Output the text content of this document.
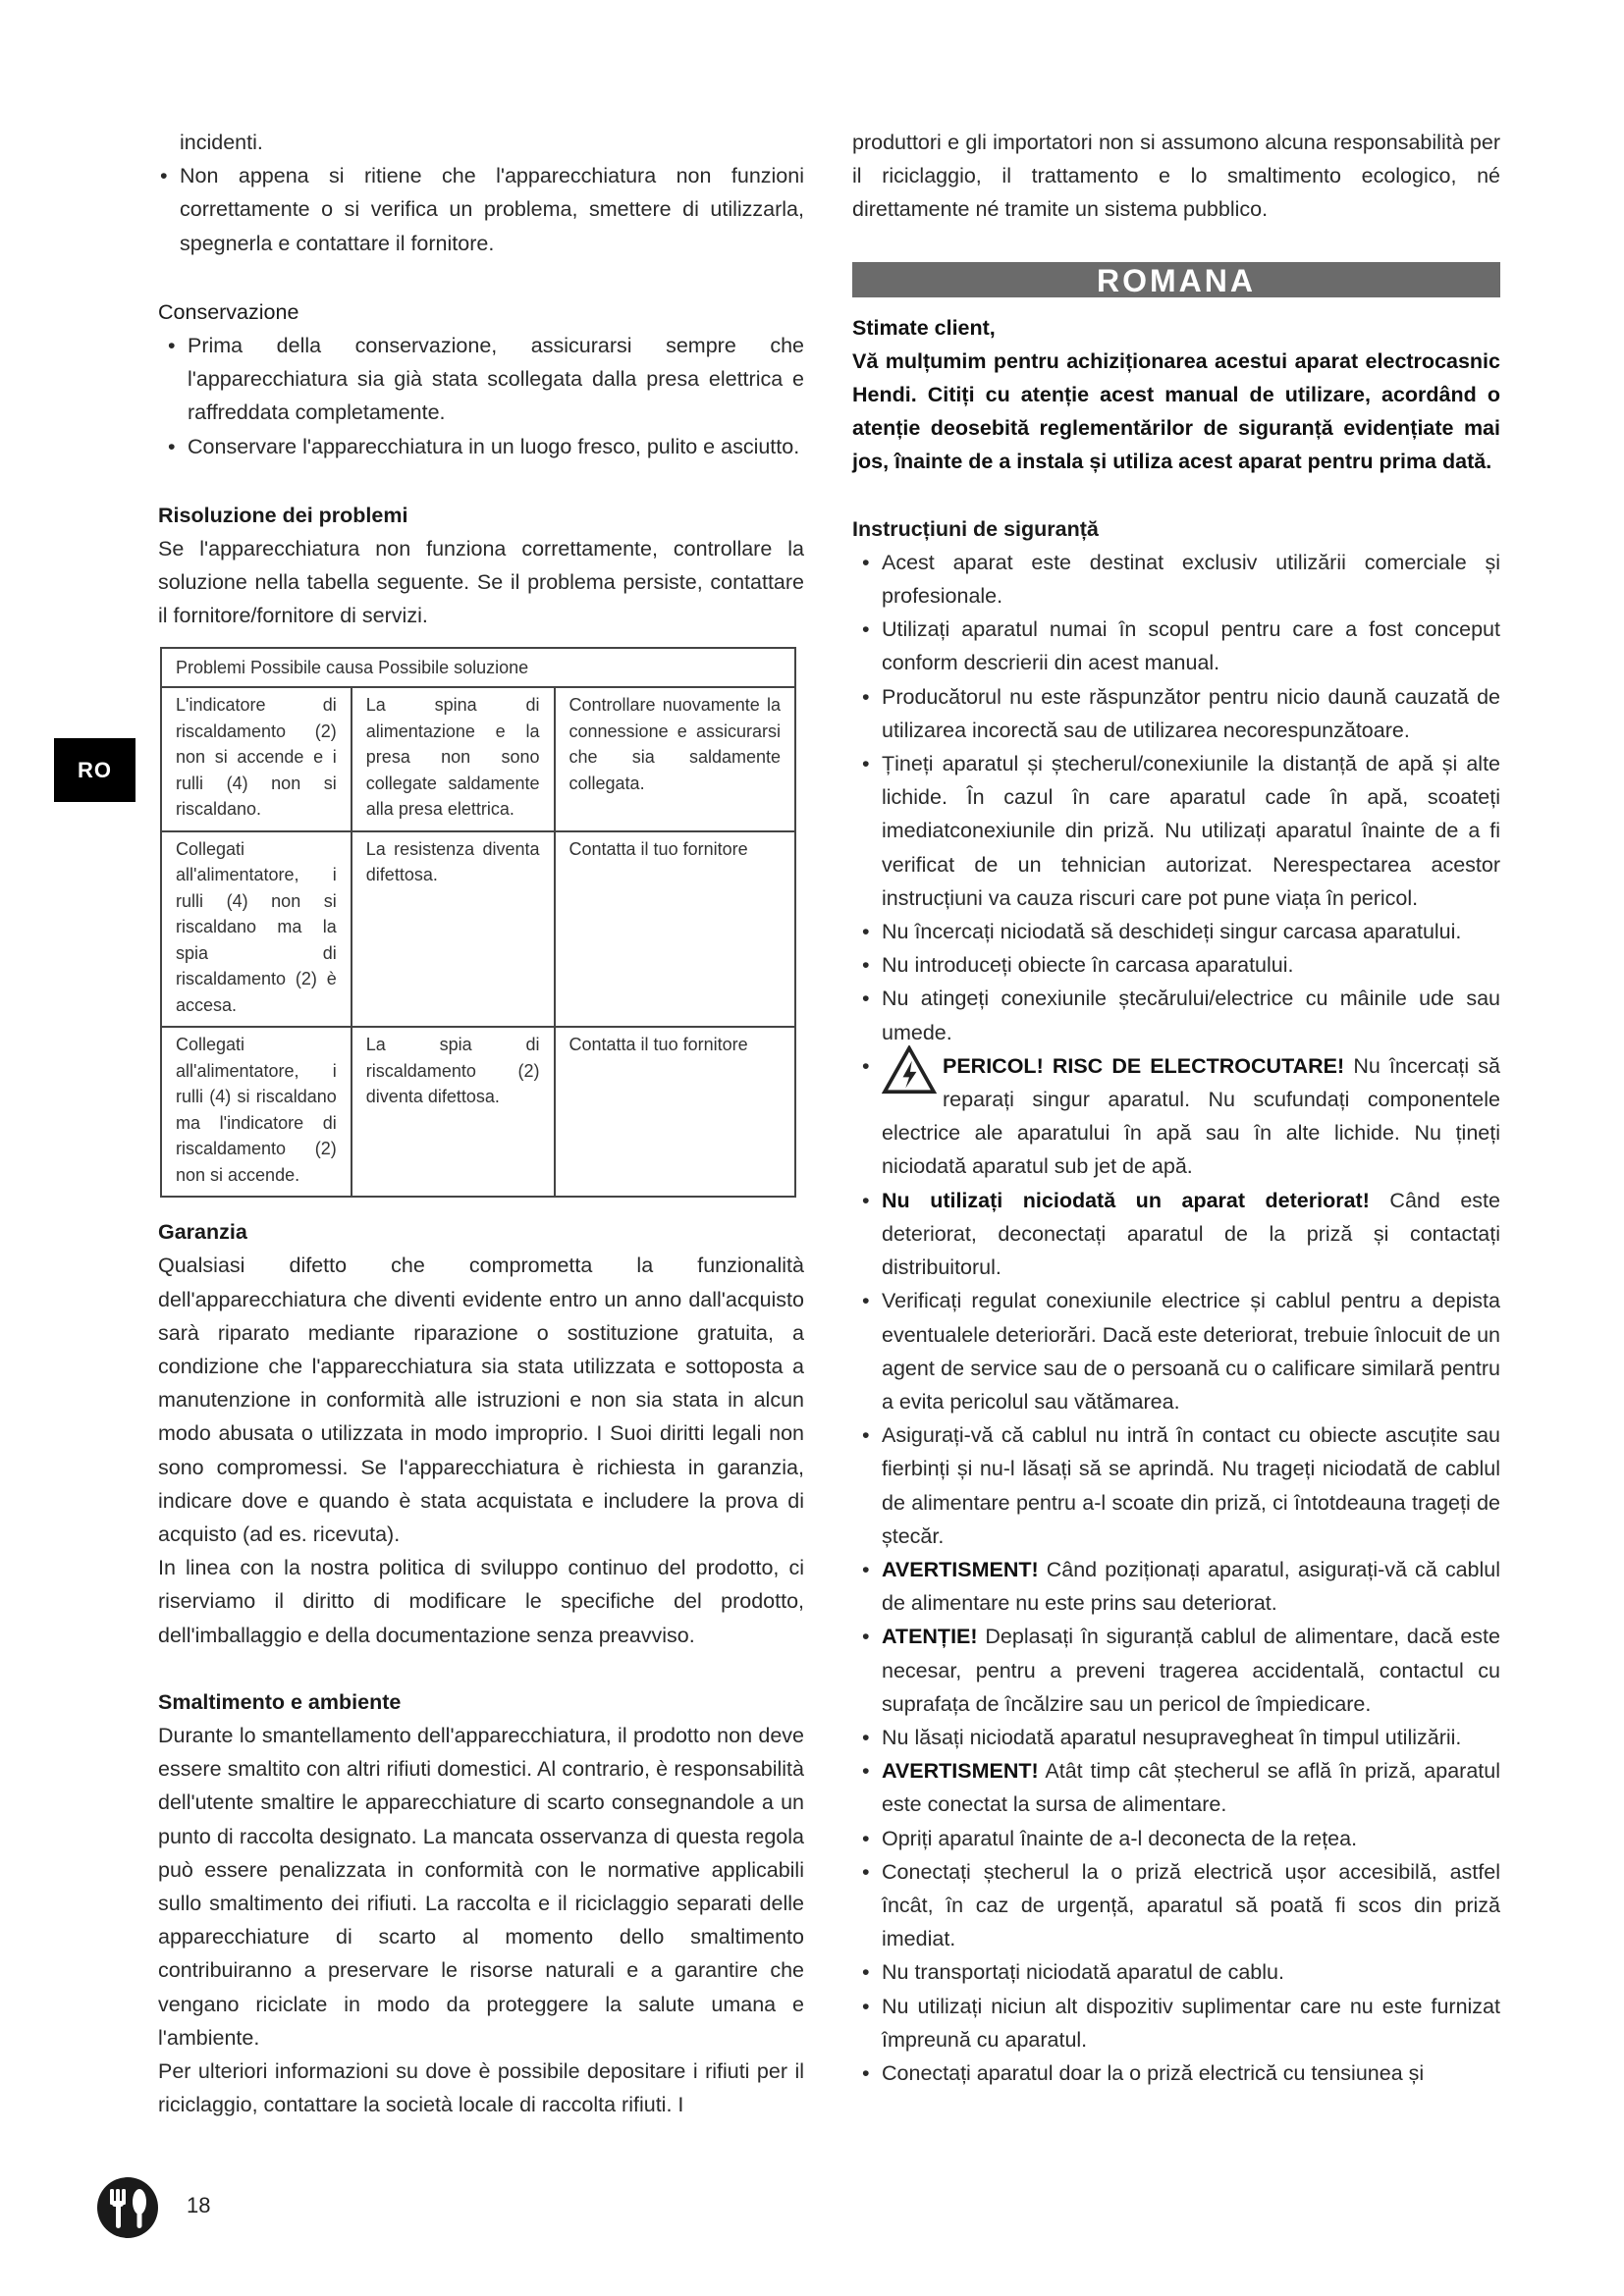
incidenti.

• Non appena si ritiene che l'apparecchiatura non funzioni correttamente o si verifica un problema, smettere di utilizzarla, spegnerla e contattare il fornitore.

Conservazione

• Prima della conservazione, assicurarsi sempre che l'apparecchiatura sia già stata scollegata dalla presa elettrica e raffreddata completamente.
• Conservare l'apparecchiatura in un luogo fresco, pulito e asciutto.

Risoluzione dei problemi

Se l'apparecchiatura non funziona correttamente, controllare la soluzione nella tabella seguente. Se il problema persiste, contattare il fornitore/fornitore di servizi.

Problemi Possibile causa Possibile soluzione		
L'indicatore di riscaldamento (2) non si accende e i rulli (4) non si riscaldano.	La spina di alimentazione e la presa non sono collegate saldamente alla presa elettrica.	Controllare nuovamente la connessione e assicurarsi che sia saldamente collegata.
Collegati all'alimentatore, i rulli (4) non si riscaldano ma la spia di riscaldamento (2) è accesa.	La resistenza diventa difettosa.	Contatta il tuo fornitore
Collegati all'alimentatore, i rulli (4) si riscaldano ma l'indicatore di riscaldamento (2) non si accende.	La spia di riscaldamento (2) diventa difettosa.	Contatta il tuo fornitore

Garanzia

Qualsiasi difetto che comprometta la funzionalità dell'apparecchiatura che diventi evidente entro un anno dall'acquisto sarà riparato mediante riparazione o sostituzione gratuita, a condizione che l'apparecchiatura sia stata utilizzata e sottoposta a manutenzione in conformità alle istruzioni e non sia stata in alcun modo abusata o utilizzata in modo improprio. I Suoi diritti legali non sono compromessi. Se l'apparecchiatura è richiesta in garanzia, indicare dove e quando è stata acquistata e includere la prova di acquisto (ad es. ricevuta).

In linea con la nostra politica di sviluppo continuo del prodotto, ci riserviamo il diritto di modificare le specifiche del prodotto, dell'imballaggio e della documentazione senza preavviso.

Smaltimento e ambiente

Durante lo smantellamento dell'apparecchiatura, il prodotto non deve essere smaltito con altri rifiuti domestici. Al contrario, è responsabilità dell'utente smaltire le apparecchiature di scarto consegnandole a un punto di raccolta designato. La mancata osservanza di questa regola può essere penalizzata in conformità con le normative applicabili sullo smaltimento dei rifiuti. La raccolta e il riciclaggio separati delle apparecchiature di scarto al momento dello smaltimento contribuiranno a preservare le risorse naturali e a garantire che vengano riciclate in modo da proteggere la salute umana e l'ambiente.

Per ulteriori informazioni su dove è possibile depositare i rifiuti per il riciclaggio, contattare la società locale di raccolta rifiuti. I

produttori e gli importatori non si assumono alcuna responsabilità per il riciclaggio, il trattamento e lo smaltimento ecologico, né direttamente né tramite un sistema pubblico.

ROMANA

Stimate client,

Vă mulțumim pentru achiziționarea acestui aparat electrocasnic Hendi. Citiți cu atenție acest manual de utilizare, acordând o atenție deosebită reglementărilor de siguranță evidențiate mai jos, înainte de a instala și utiliza acest aparat pentru prima dată.

Instrucțiuni de siguranță

• Acest aparat este destinat exclusiv utilizării comerciale și profesionale.
• Utilizați aparatul numai în scopul pentru care a fost conceput conform descrierii din acest manual.
• Producătorul nu este răspunzător pentru nicio daună cauzată de utilizarea incorectă sau de utilizarea necorespunzătoare.
• Țineți aparatul și ștecherul/conexiunile la distanță de apă și alte lichide. În cazul în care aparatul cade în apă, scoateți imediatconexiunile din priză. Nu utilizați aparatul înainte de a fi verificat de un tehnician autorizat. Nerespectarea acestor instrucțiuni va cauza riscuri care pot pune viața în pericol.
• Nu încercați niciodată să deschideți singur carcasa aparatului.
• Nu introduceți obiecte în carcasa aparatului.
• Nu atingeți conexiunile ștecărului/electrice cu mâinile ude sau umede.
• PERICOL! RISC DE ELECTROCUTARE! Nu încercați să reparați singur aparatul. Nu scufundați componentele electrice ale aparatului în apă sau în alte lichide. Nu țineți niciodată aparatul sub jet de apă.
• Nu utilizați niciodată un aparat deteriorat! Când este deteriorat, deconectați aparatul de la priză și contactați distribuitorul.
• Verificați regulat conexiunile electrice și cablul pentru a depista eventualele deteriorări. Dacă este deteriorat, trebuie înlocuit de un agent de service sau de o persoană cu o calificare similară pentru a evita pericolul sau vătămarea.
• Asigurați-vă că cablul nu intră în contact cu obiecte ascuțite sau fierbinți și nu-l lăsați să se aprindă. Nu trageți niciodată de cablul de alimentare pentru a-l scoate din priză, ci întotdeauna trageți de ștecăr.
• AVERTISMENT! Când poziționați aparatul, asigurați-vă că cablul de alimentare nu este prins sau deteriorat.
• ATENȚIE! Deplasați în siguranță cablul de alimentare, dacă este necesar, pentru a preveni tragerea accidentală, contactul cu suprafața de încălzire sau un pericol de împiedicare.
• Nu lăsați niciodată aparatul nesupravegheat în timpul utilizării.
• AVERTISMENT! Atât timp cât ștecherul se află în priză, aparatul este conectat la sursa de alimentare.
• Opriți aparatul înainte de a-l deconecta de la rețea.
• Conectați ștecherul la o priză electrică ușor accesibilă, astfel încât, în caz de urgență, aparatul să poată fi scos din priză imediat.
• Nu transportați niciodată aparatul de cablu.
• Nu utilizați niciun alt dispozitiv suplimentar care nu este furnizat împreună cu aparatul.
• Conectați aparatul doar la o priză electrică cu tensiunea și
RO
18
